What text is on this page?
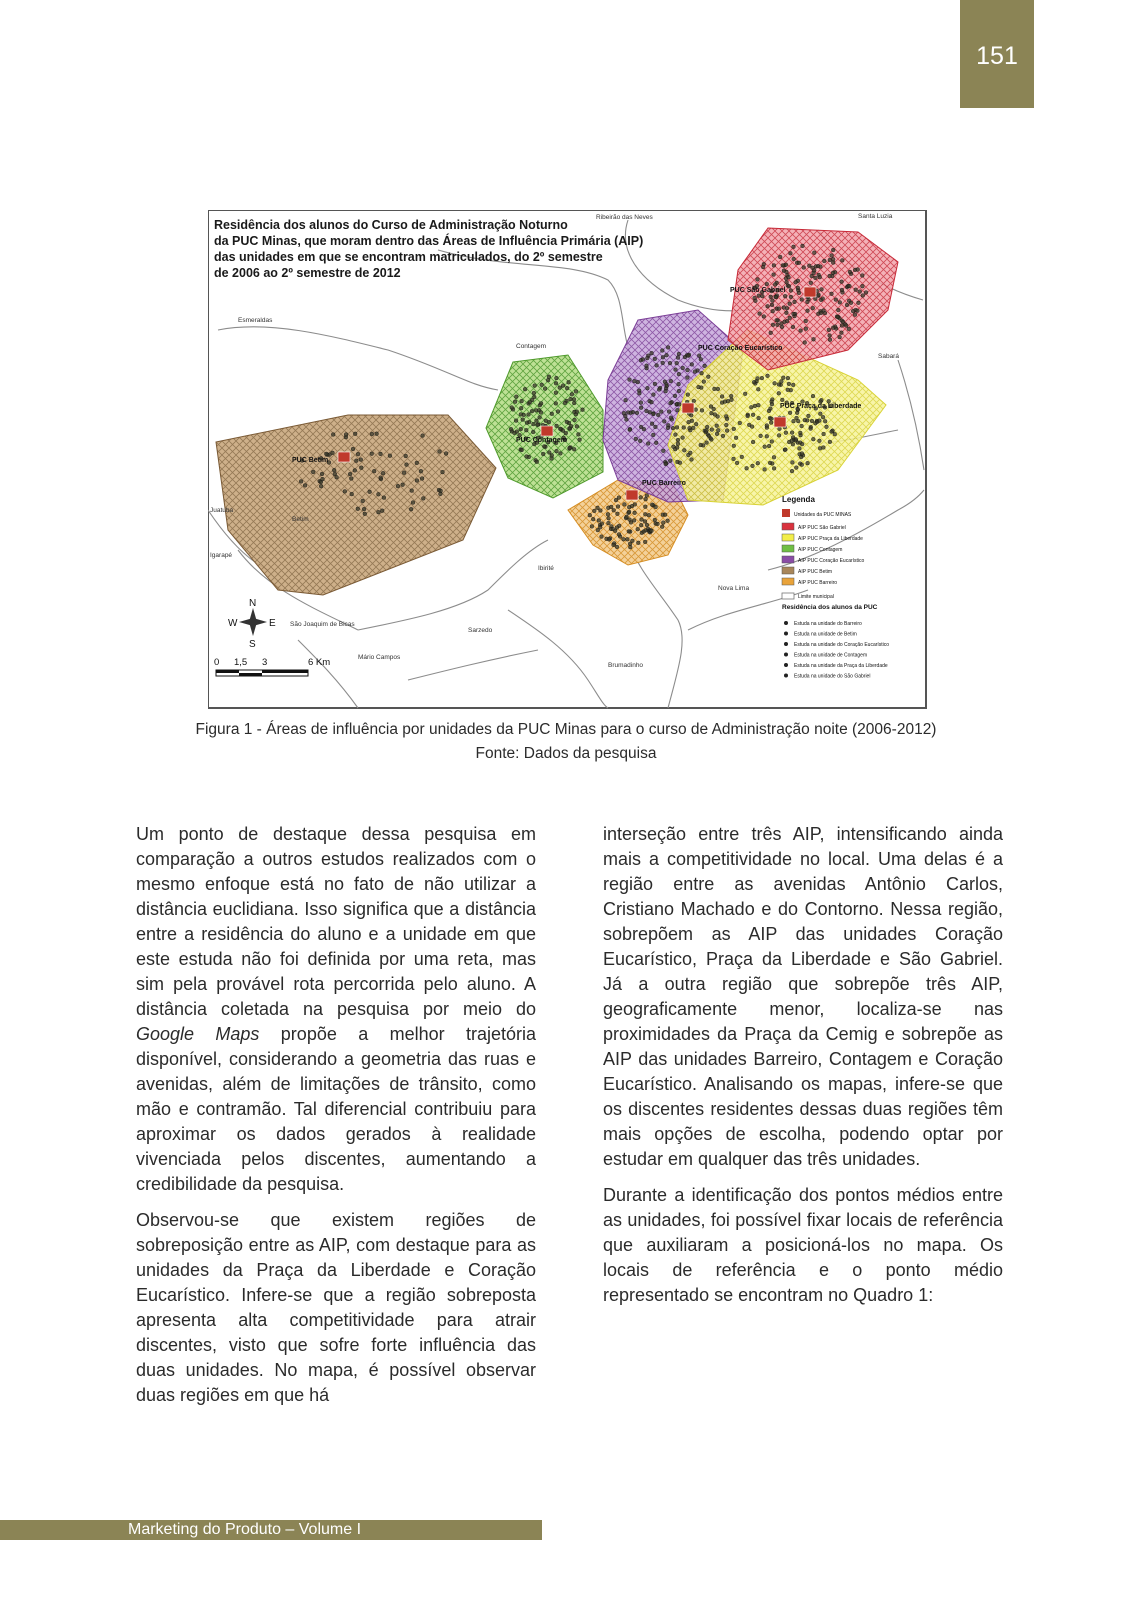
151
PUC Betim
PUC Contagem
PUC Barreiro
PUC Praça da Liberdade
PUC São Gabriel
PUC Coração Eucarístico
Ribeirão das Neves	Santa Luzia
Esmeraldas
Contagem
Sabará
Juatuba
Igarapé
Ibirité
Nova Lima
São Joaquim de Bicas
Sarzedo
Mário Campos
Brumadinho
Betim
Residência dos alunos do Curso de Administração Noturno
da PUC Minas, que moram dentro das Áreas de Influência Primária (AIP)
das unidades em que se encontram matriculados, do 2º semestre
de 2006 ao 2º semestre de 2012
N
S
E
W
0 1,5 3	6 Km
Legenda
Unidades da PUC MINAS
AIP PUC São Gabriel
AIP PUC Praça da Liberdade
AIP PUC Contagem
AIP PUC Coração Eucarístico
AIP PUC Betim
AIP PUC Barreiro
Limite municipal
Residência dos alunos da PUC
Estuda na unidade do Barreiro
Estuda na unidade de Betim
Estuda na unidade do Coração Eucarístico
Estuda na unidade de Contagem
Estuda na unidade da Praça da Liberdade
Estuda na unidade do São Gabriel
Figura 1 - Áreas de influência por unidades da PUC Minas para o curso de Administração noite (2006-2012)
Fonte: Dados da pesquisa

Um ponto de destaque dessa pesquisa em comparação a outros estudos realizados com o mesmo enfoque está no fato de não utilizar a distância euclidiana. Isso significa que a distância entre a residência do aluno e a unidade em que este estuda não foi definida por uma reta, mas sim pela provável rota percorrida pelo aluno. A distância coletada na pesquisa por meio do Google Maps propõe a melhor trajetória disponível, considerando a geometria das ruas e avenidas, além de limitações de trânsito, como mão e contramão. Tal diferencial contribuiu para aproximar os dados gerados à realidade vivenciada pelos discentes, aumentando a credibilidade da pesquisa.

Observou-se que existem regiões de sobreposição entre as AIP, com destaque para as unidades da Praça da Liberdade e Coração Eucarístico. Infere-se que a região sobreposta apresenta alta competitividade para atrair discentes, visto que sofre forte influência das duas unidades. No mapa, é possível observar duas regiões em que há

interseção entre três AIP, intensificando ainda mais a competitividade no local. Uma delas é a região entre as avenidas Antônio Carlos, Cristiano Machado e do Contorno. Nessa região, sobrepõem as AIP das unidades Coração Eucarístico, Praça da Liberdade e São Gabriel. Já a outra região que sobrepõe três AIP, geograficamente menor, localiza-se nas proximidades da Praça da Cemig e sobrepõe as AIP das unidades Barreiro, Contagem e Coração Eucarístico. Analisando os mapas, infere-se que os discentes residentes dessas duas regiões têm mais opções de escolha, podendo optar por estudar em qualquer das três unidades.

Durante a identificação dos pontos médios entre as unidades, foi possível fixar locais de referência que auxiliaram a posicioná-los no mapa. Os locais de referência e o ponto médio representado se encontram no Quadro 1:

Marketing do Produto – Volume I
